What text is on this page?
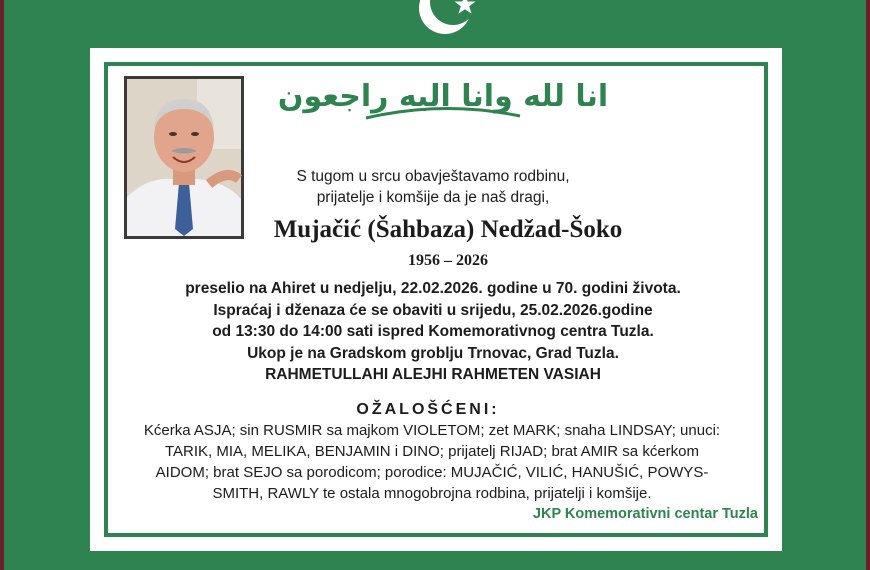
انا لله وانا اليه راجعون
S tugom u srcu obavještavamo rodbinu,
prijatelje i komšije da je naš dragi,
Mujačić (Šahbaza) Nedžad-Šoko
1956 – 2026
preselio na Ahiret u nedjelju, 22.02.2026. godine u 70. godini života.
Ispraćaj i dženaza će se obaviti u srijedu, 25.02.2026.godine
od 13:30 do 14:00 sati ispred Komemorativnog centra Tuzla.
Ukop je na Gradskom groblju Trnovac, Grad Tuzla.
RAHMETULLAHI ALEJHI RAHMETEN VASIAH
OŽALOŠĆENI:
Kćerka ASJA; sin RUSMIR sa majkom VIOLETOM; zet MARK; snaha LINDSAY; unuci:
TARIK, MIA, MELIKA, BENJAMIN i DINO; prijatelj RIJAD; brat AMIR sa kćerkom
AIDOM; brat SEJO sa porodicom; porodice: MUJAČIĆ, VILIĆ, HANUŠIĆ, POWYS-
SMITH, RAWLY te ostala mnogobrojna rodbina, prijatelji i komšije.
JKP Komemorativni centar Tuzla
